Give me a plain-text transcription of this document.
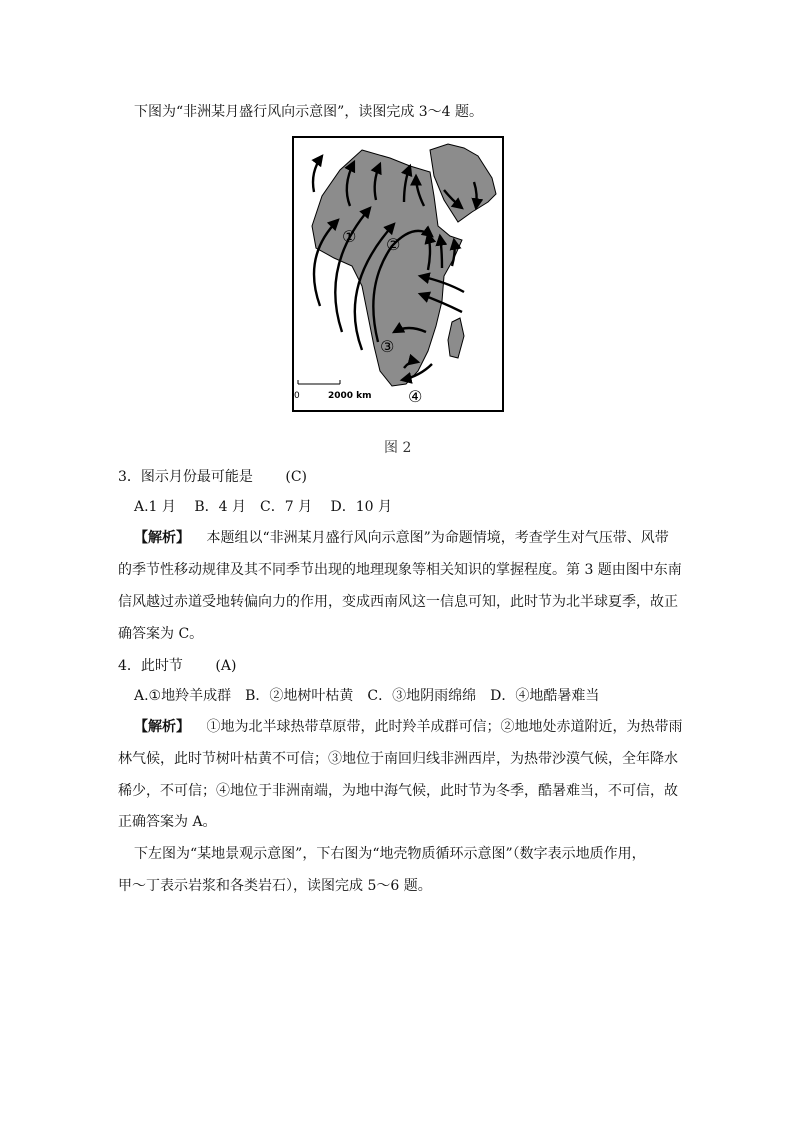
下图为“非洲某月盛行风向示意图”，读图完成 3～4 题。
① ②
③
④
0	2000 km
图 2
3．图示月份最可能是 (C)
A.1 月　 B．4 月　C．7 月　 D．10 月
【解析】 本题组以“非洲某月盛行风向示意图”为命题情境，考查学生对气压带、风带
的季节性移动规律及其不同季节出现的地理现象等相关知识的掌握程度。第 3 题由图中东南
信风越过赤道受地转偏向力的作用，变成西南风这一信息可知，此时节为北半球夏季，故正
确答案为 C。
4．此时节 (A)
A.①地羚羊成群　B．②地树叶枯黄　C．③地阴雨绵绵　D．④地酷暑难当
【解析】 ①地为北半球热带草原带，此时羚羊成群可信；②地地处赤道附近，为热带雨
林气候，此时节树叶枯黄不可信；③地位于南回归线非洲西岸，为热带沙漠气候，全年降水
稀少，不可信；④地位于非洲南端，为地中海气候，此时节为冬季，酷暑难当，不可信，故
正确答案为 A。
下左图为“某地景观示意图”，下右图为“地壳物质循环示意图”（数字表示地质作用，
甲～丁表示岩浆和各类岩石），读图完成 5～6 题。
